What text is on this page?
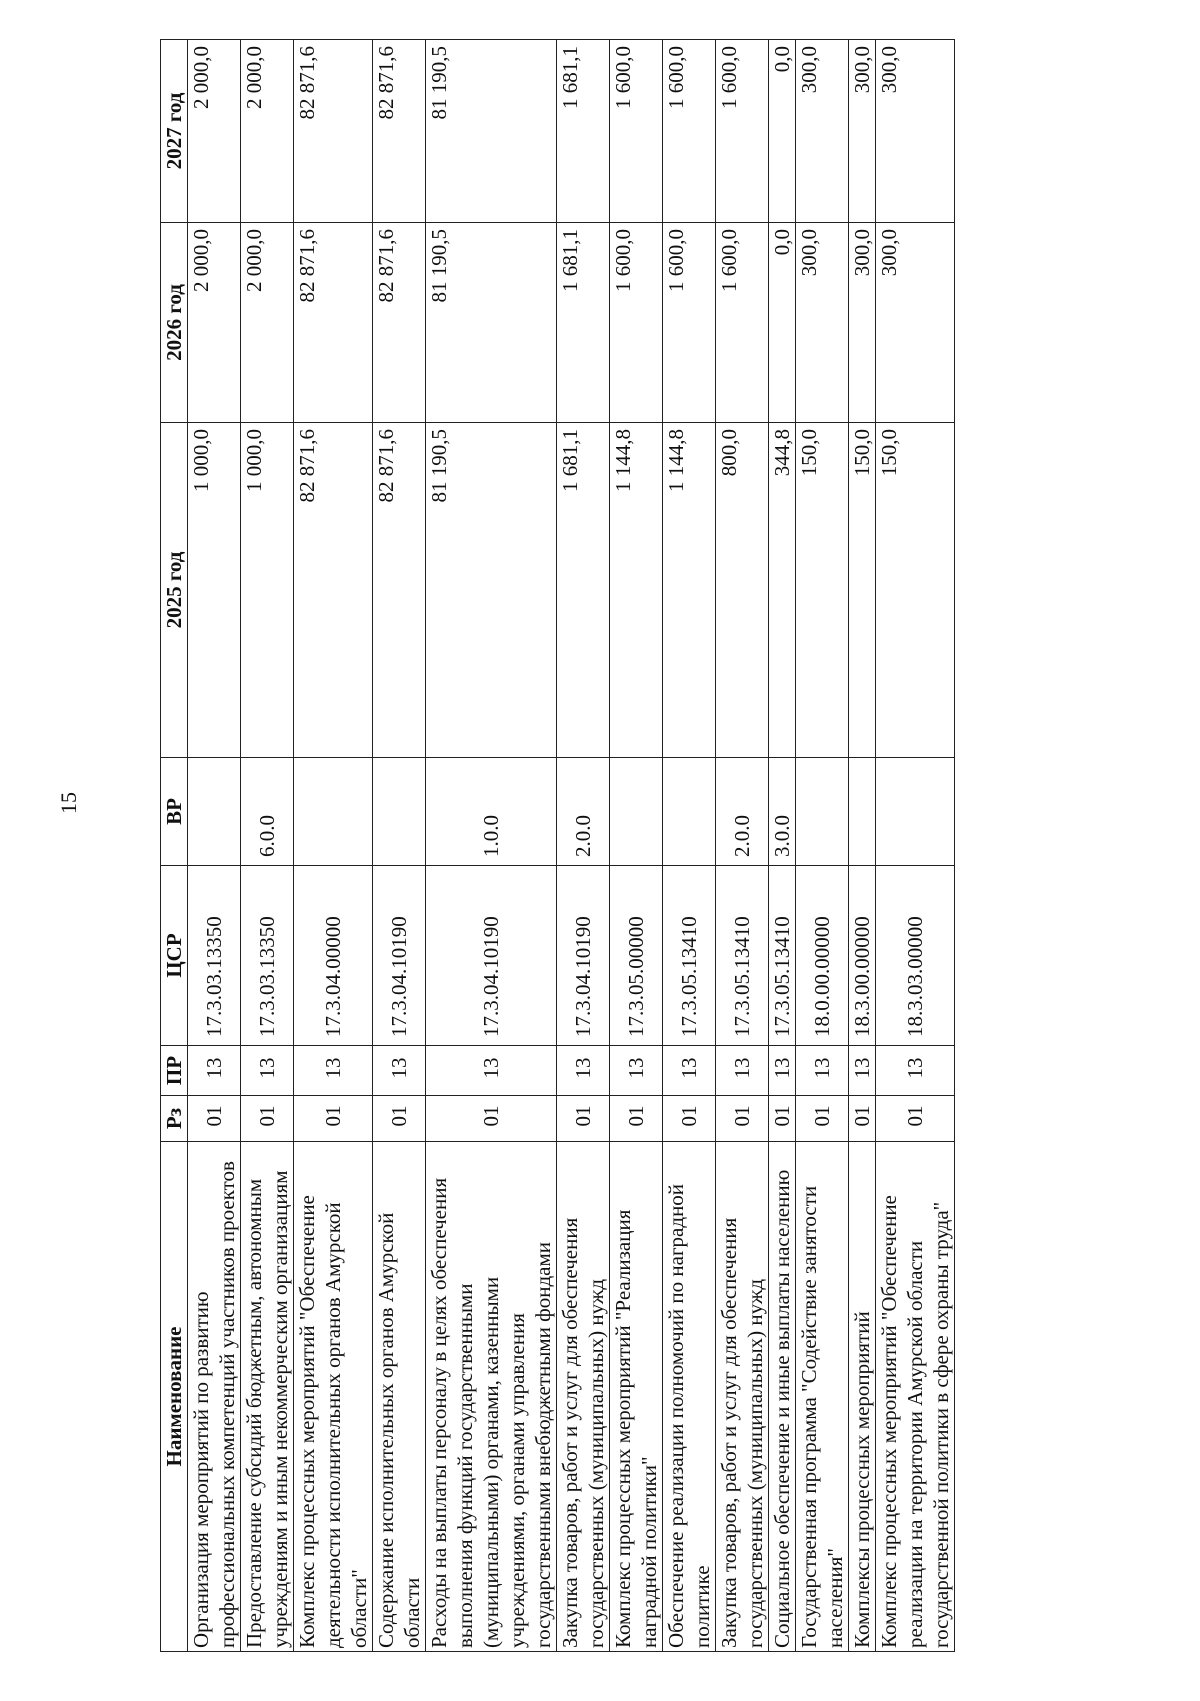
15
Наименование	Рз	ПР	ЦСР	ВР	2025 год	2026 год	2027 год
Организация мероприятий по развитию профессиональных компетенций участников проектов	01	13	17.3.03.13350		1 000,0	2 000,0	2 000,0
Предоставление субсидий бюджетным, автономным учреждениям и иным некоммерческим организациям	01	13	17.3.03.13350	6.0.0	1 000,0	2 000,0	2 000,0
Комплекс процессных мероприятий "Обеспечение деятельности исполнительных органов Амурской области"	01	13	17.3.04.00000		82 871,6	82 871,6	82 871,6
Содержание исполнительных органов Амурской области	01	13	17.3.04.10190		82 871,6	82 871,6	82 871,6
Расходы на выплаты персоналу в целях обеспечения выполнения функций государственными (муниципальными) органами, казенными учреждениями, органами управления государственными внебюджетными фондами	01	13	17.3.04.10190	1.0.0	81 190,5	81 190,5	81 190,5
Закупка товаров, работ и услуг для обеспечения государственных (муниципальных) нужд	01	13	17.3.04.10190	2.0.0	1 681,1	1 681,1	1 681,1
Комплекс процессных мероприятий "Реализация наградной политики"	01	13	17.3.05.00000		1 144,8	1 600,0	1 600,0
Обеспечение реализации полномочий по наградной политике	01	13	17.3.05.13410		1 144,8	1 600,0	1 600,0
Закупка товаров, работ и услуг для обеспечения государственных (муниципальных) нужд	01	13	17.3.05.13410	2.0.0	800,0	1 600,0	1 600,0
Социальное обеспечение и иные выплаты населению	01	13	17.3.05.13410	3.0.0	344,8	0,0	0,0
Государственная программа "Содействие занятости населения"	01	13	18.0.00.00000		150,0	300,0	300,0
Комплексы процессных мероприятий	01	13	18.3.00.00000		150,0	300,0	300,0
Комплекс процессных мероприятий "Обеспечение реализации на территории Амурской области государственной политики в сфере охраны труда"	01	13	18.3.03.00000		150,0	300,0	300,0
